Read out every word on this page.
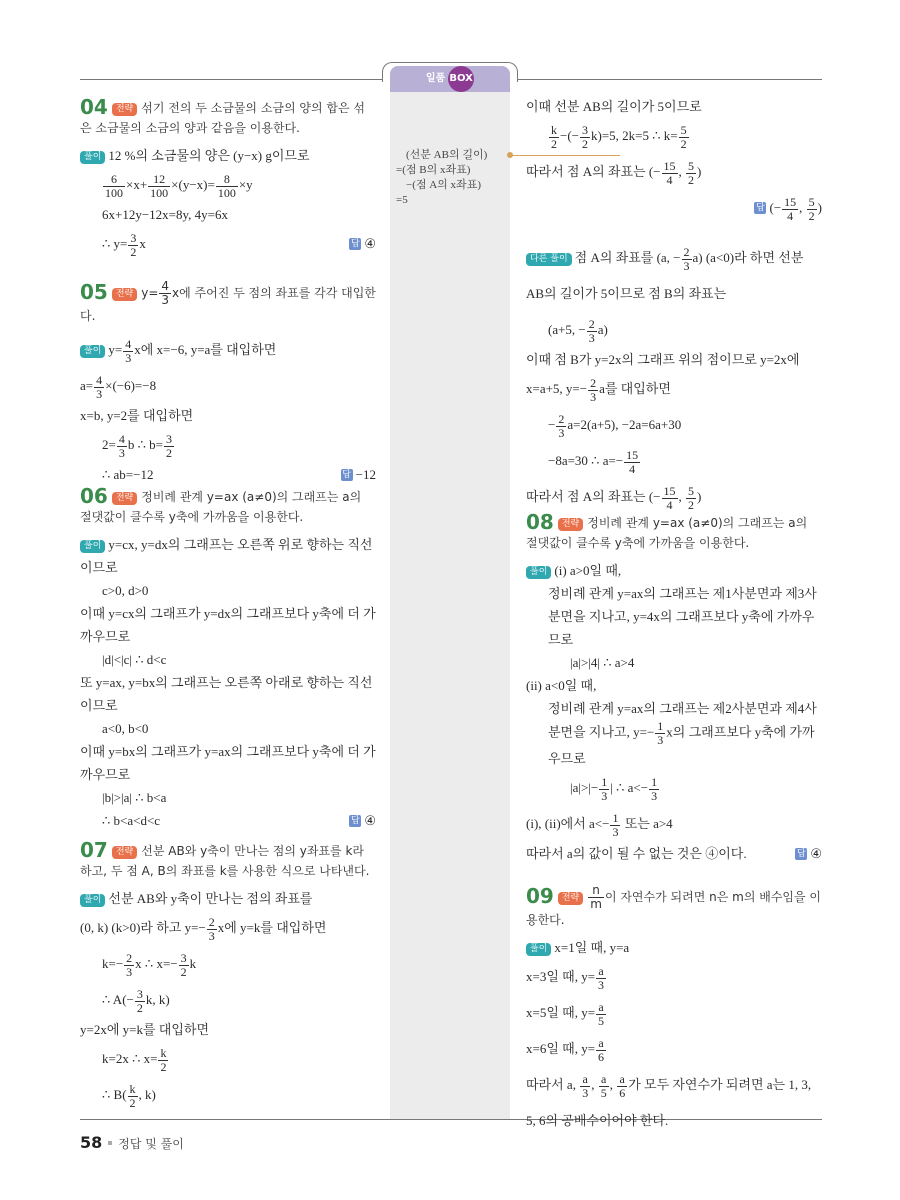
일품 BOX
(선분 AB의 길이)
=(점 B의 x좌표)
−(점 A의 x좌표)
=5
04 전략 섞기 전의 두 소금물의 소금의 양의 합은 섞은 소금물의 소금의 양과 같음을 이용한다.
풀이 12 %의 소금물의 양은 (y−x) g이므로
$\frac{6}{100} \times x+ \frac{12}{100} \times(y-x)= \frac{8}{100} \times y$
6x+12y−12x=8y, 4y=6x
∴ $y= \frac{3}{2}$ x	답 ④
05 전략 $y= \frac{4}{3}$ x에 주어진 두 점의 좌표를 각각 대입한다.
풀이 $y= \frac{4}{3}$ x에 x=−6, y=a를 대입하면
$a= \frac{4}{3} \times(-6)=-8$
x=b, y=2를 대입하면
$2= \frac{4}{3}$ b ∴ $b= \frac{3}{2}$
∴ ab=−12	답 −12
06 전략 정비례 관계 y=ax (a≠0)의 그래프는 a의 절댓값이 클수록 y축에 가까움을 이용한다.
풀이 y=cx, y=dx의 그래프는 오른쪽 위로 향하는 직선이므로
c>0, d>0
이때 y=cx의 그래프가 y=dx의 그래프보다 y축에 더 가까우므로
|d|<|c| ∴ d<c
또 y=ax, y=bx의 그래프는 오른쪽 아래로 향하는 직선이므로
a<0, b<0
이때 y=bx의 그래프가 y=ax의 그래프보다 y축에 더 가까우므로
|b|>|a| ∴ b<a
∴ b<a<d<c	답 ④
07 전략 선분 AB와 y축이 만나는 점의 y좌표를 k라 하고, 두 점 A, B의 좌표를 k를 사용한 식으로 나타낸다.
풀이 선분 AB와 y축이 만나는 점의 좌표를
(0, k) (k>0)라 하고 $y=- \frac{2}{3}$ x에 y=k를 대입하면
$k=- \frac{2}{3}$ x ∴ $x=- \frac{3}{2}$ k
∴ $A(- \frac{3}{2} k$, k)
y=2x에 y=k를 대입하면
k=2x ∴ $x= \frac{k}{2}$
∴ $B( \frac{k}{2}$ , k)
이때 선분 AB의 길이가 5이므로
$\frac{k}{2}$ −(− $\frac{3}{2} k)=5$, 2k=5 ∴ $k= \frac{5}{2}$
따라서 점 A의 좌표는 (− $\frac{15}{4}$ , $\frac{5}{2}$ )
답 (− $\frac{15}{4}$ , $\frac{5}{2}$ )
다른 풀이 점 A의 좌표를 (a, − $\frac{2}{3} a$) (a<0)라 하면 선분 AB의 길이가 5이므로 점 B의 좌표는
(a+5, − $\frac{2}{3} a$)
이때 점 B가 y=2x의 그래프 위의 점이므로 y=2x에
x=a+5, $y=- \frac{2}{3}$ a를 대입하면
− $\frac{2}{3} a=2(a+5)$, −2a=6a+30
−8a=30 ∴ $a=- \frac{15}{4}$
따라서 점 A의 좌표는 (− $\frac{15}{4}$ , $\frac{5}{2}$ )
08 전략 정비례 관계 y=ax (a≠0)의 그래프는 a의 절댓값이 클수록 y축에 가까움을 이용한다.
풀이 (i) a>0일 때,
정비례 관계 y=ax의 그래프는 제1사분면과 제3사분면을 지나고, y=4x의 그래프보다 y축에 가까우므로
|a|>|4| ∴ a>4
(ii) a<0일 때,
정비례 관계 y=ax의 그래프는 제2사분면과 제4사분면을 지나고, $y=- \frac{1}{3}$ x의 그래프보다 y축에 가까우므로
$|a|>|- \frac{1}{3}$ | ∴ $a<- \frac{1}{3}$
(i), (ii)에서 $a<- \frac{1}{3}$ 또는 a>4
따라서 a의 값이 될 수 없는 것은 ④이다.	답 ④
09 전략 $\frac{n}{m}$ 이 자연수가 되려면 n은 m의 배수임을 이용한다.
풀이 x=1일 때, y=a
x=3일 때, $y= \frac{a}{3}$
x=5일 때, $y= \frac{a}{5}$
x=6일 때, $y= \frac{a}{6}$
따라서 a, $\frac{a}{3}$ , $\frac{a}{5}$ , $\frac{a}{6}$ 가 모두 자연수가 되려면 a는 1, 3, 5, 6의 공배수이어야 한다.
58 정답 및 풀이
